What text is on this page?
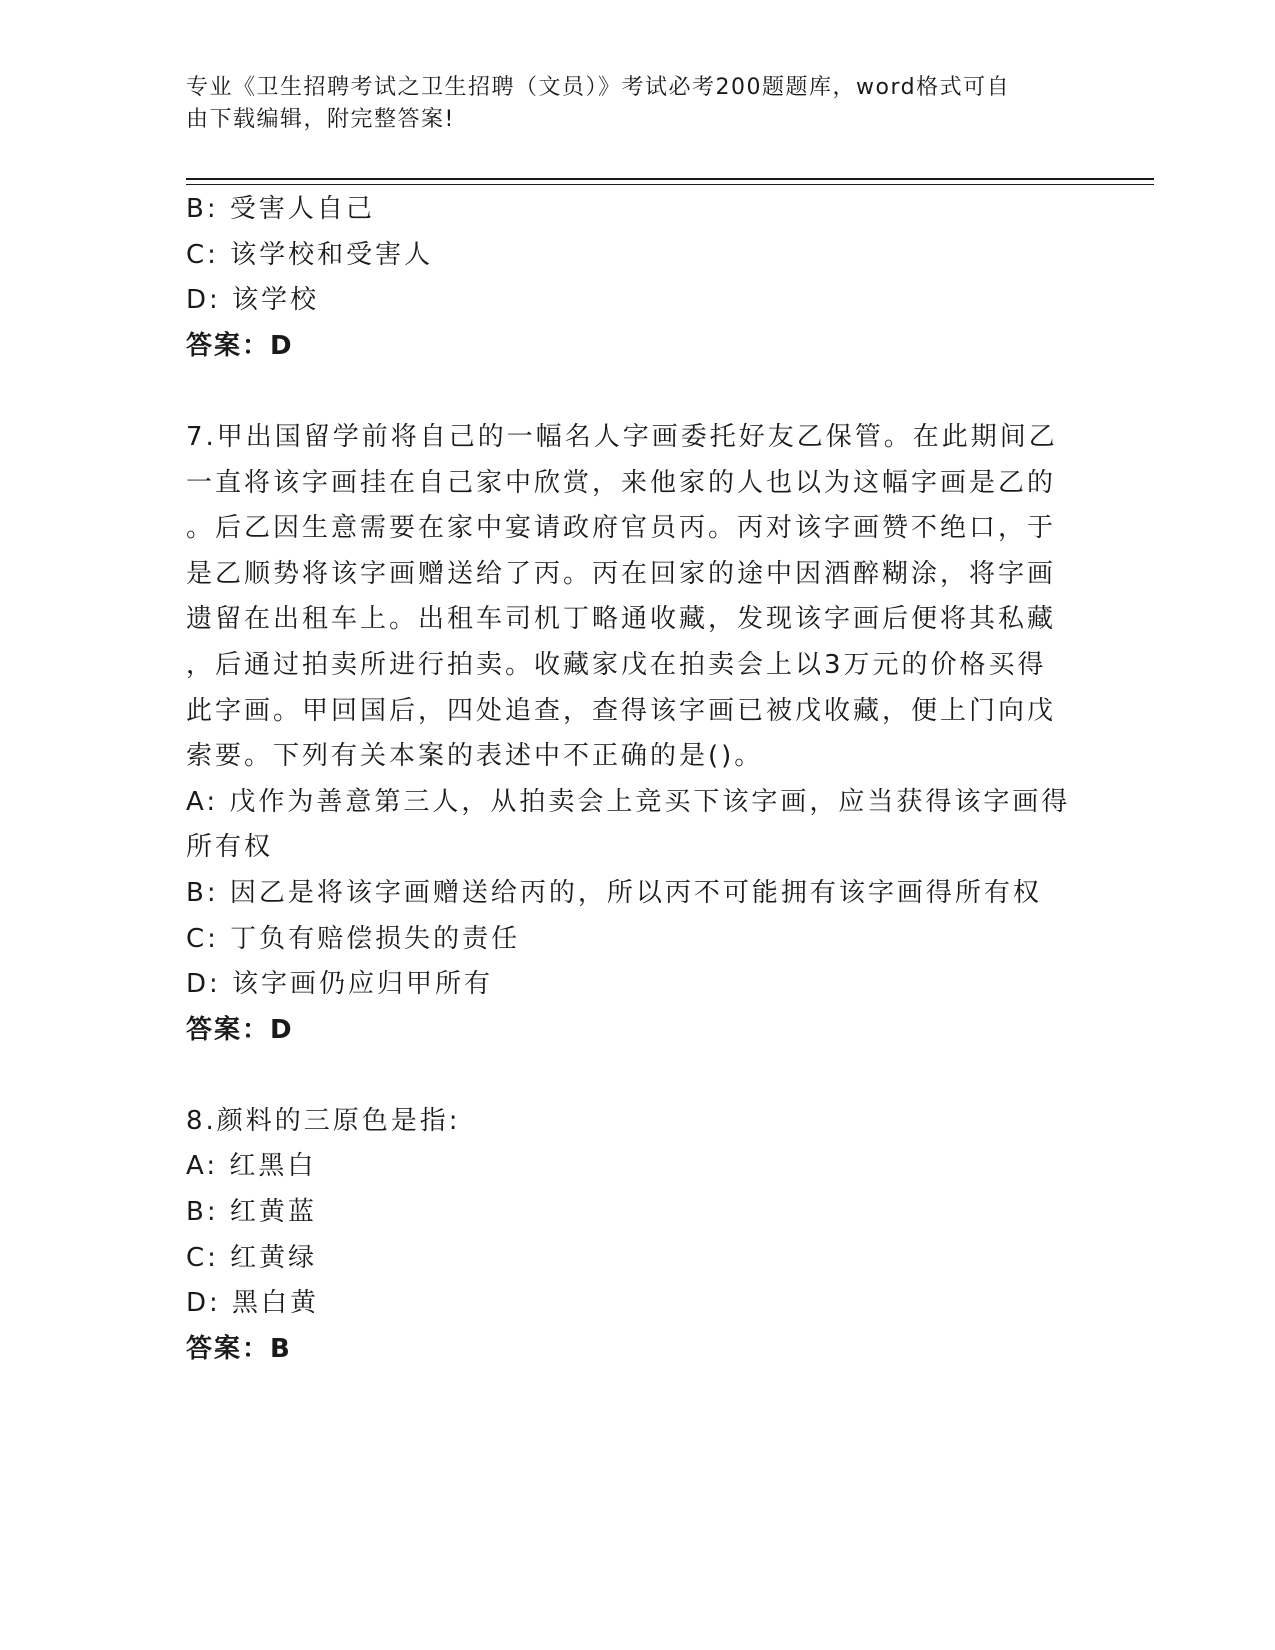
专业《卫生招聘考试之卫生招聘（文员）》考试必考200题题库，word格式可自
由下载编辑，附完整答案!
B: 受害人自己
C: 该学校和受害人
D: 该学校
答案：D
7.甲出国留学前将自己的一幅名人字画委托好友乙保管。在此期间乙
一直将该字画挂在自己家中欣赏，来他家的人也以为这幅字画是乙的
。后乙因生意需要在家中宴请政府官员丙。丙对该字画赞不绝口，于
是乙顺势将该字画赠送给了丙。丙在回家的途中因酒醉糊涂，将字画
遗留在出租车上。出租车司机丁略通收藏，发现该字画后便将其私藏
，后通过拍卖所进行拍卖。收藏家戊在拍卖会上以3万元的价格买得
此字画。甲回国后，四处追查，查得该字画已被戊收藏，便上门向戊
索要。下列有关本案的表述中不正确的是()。
A: 戊作为善意第三人，从拍卖会上竞买下该字画，应当获得该字画得
所有权
B: 因乙是将该字画赠送给丙的，所以丙不可能拥有该字画得所有权
C: 丁负有赔偿损失的责任
D: 该字画仍应归甲所有
答案：D
8.颜料的三原色是指:
A: 红黑白
B: 红黄蓝
C: 红黄绿
D: 黑白黄
答案：B
